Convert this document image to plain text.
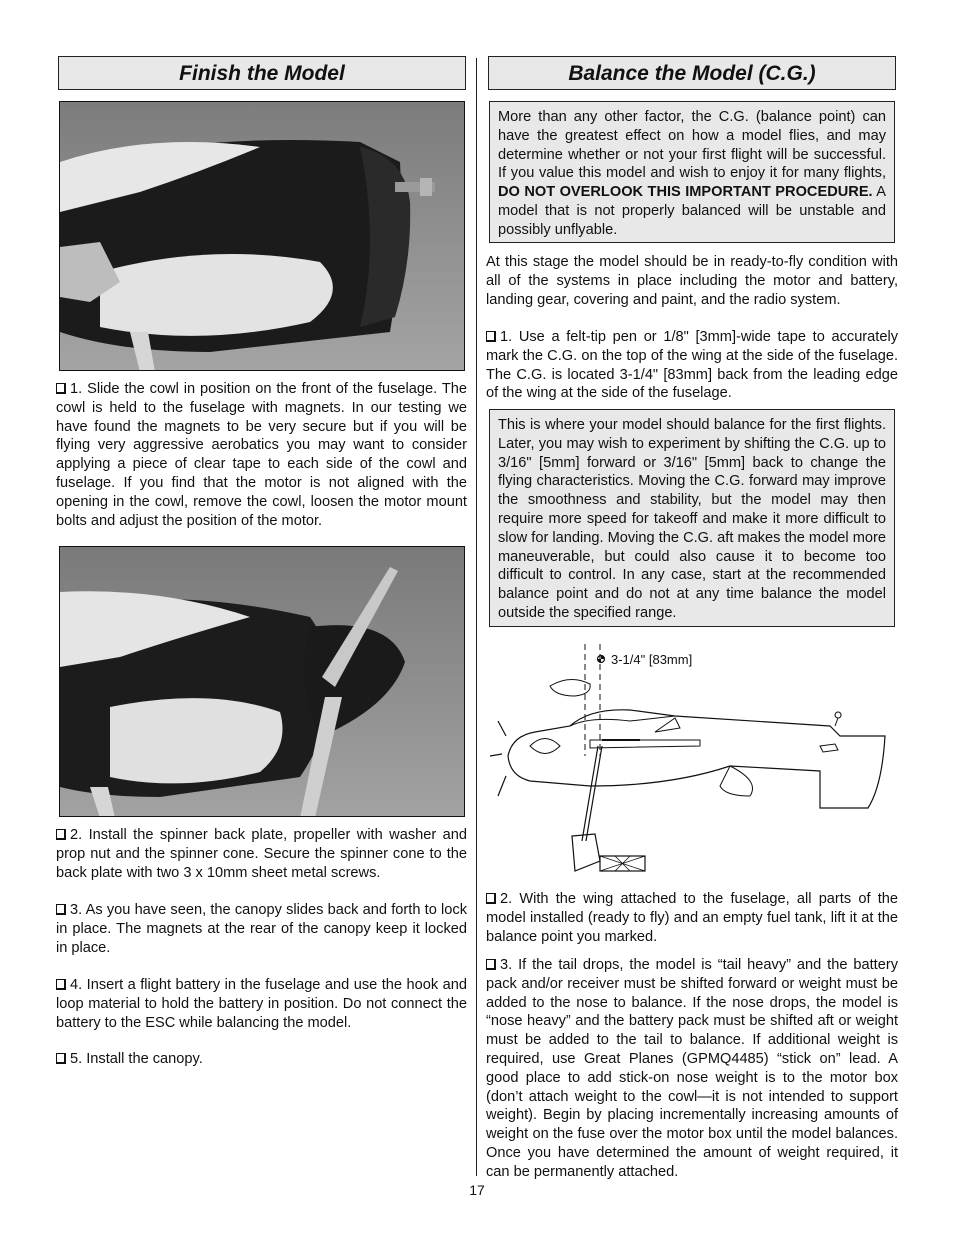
Finish the Model

1. Slide the cowl in position on the front of the fuselage. The cowl is held to the fuselage with magnets. In our testing we have found the magnets to be very secure but if you will be flying very aggressive aerobatics you may want to consider applying a piece of clear tape to each side of the cowl and fuselage. If you find that the motor is not aligned with the opening in the cowl, remove the cowl, loosen the motor mount bolts and adjust the position of the motor.

2. Install the spinner back plate, propeller with washer and prop nut and the spinner cone. Secure the spinner cone to the back plate with two 3 x 10mm sheet metal screws.

3. As you have seen, the canopy slides back and forth to lock in place. The magnets at the rear of the canopy keep it locked in place.

4. Insert a flight battery in the fuselage and use the hook and loop material to hold the battery in position. Do not connect the battery to the ESC while balancing the model.

5. Install the canopy.

Balance the Model (C.G.)
More than any other factor, the C.G. (balance point) can have the greatest effect on how a model flies, and may determine whether or not your first flight will be successful. If you value this model and wish to enjoy it for many flights, DO NOT OVERLOOK THIS IMPORTANT PROCEDURE. A model that is not properly balanced will be unstable and possibly unflyable.

At this stage the model should be in ready-to-fly condition with all of the systems in place including the motor and battery, landing gear, covering and paint, and the radio system.

1. Use a felt-tip pen or 1/8" [3mm]-wide tape to accurately mark the C.G. on the top of the wing at the side of the fuselage. The C.G. is located 3-1/4" [83mm] back from the leading edge of the wing at the side of the fuselage.

This is where your model should balance for the first flights. Later, you may wish to experiment by shifting the C.G. up to 3/16" [5mm] forward or 3/16" [5mm] back to change the flying characteristics. Moving the C.G. forward may improve the smoothness and stability, but the model may then require more speed for takeoff and make it more difficult to slow for landing. Moving the C.G. aft makes the model more maneuverable, but could also cause it to become too difficult to control. In any case, start at the recommended balance point and do not at any time balance the model outside the specified range.
3-1/4" [83mm]

2. With the wing attached to the fuselage, all parts of the model installed (ready to fly) and an empty fuel tank, lift it at the balance point you marked.

3. If the tail drops, the model is “tail heavy” and the battery pack and/or receiver must be shifted forward or weight must be added to the nose to balance. If the nose drops, the model is “nose heavy” and the battery pack must be shifted aft or weight must be added to the tail to balance. If additional weight is required, use Great Planes (GPMQ4485) “stick on” lead. A good place to add stick-on nose weight is to the motor box (don’t attach weight to the cowl—it is not intended to support weight). Begin by placing incrementally increasing amounts of weight on the fuse over the motor box until the model balances. Once you have determined the amount of weight required, it can be permanently attached.

17
